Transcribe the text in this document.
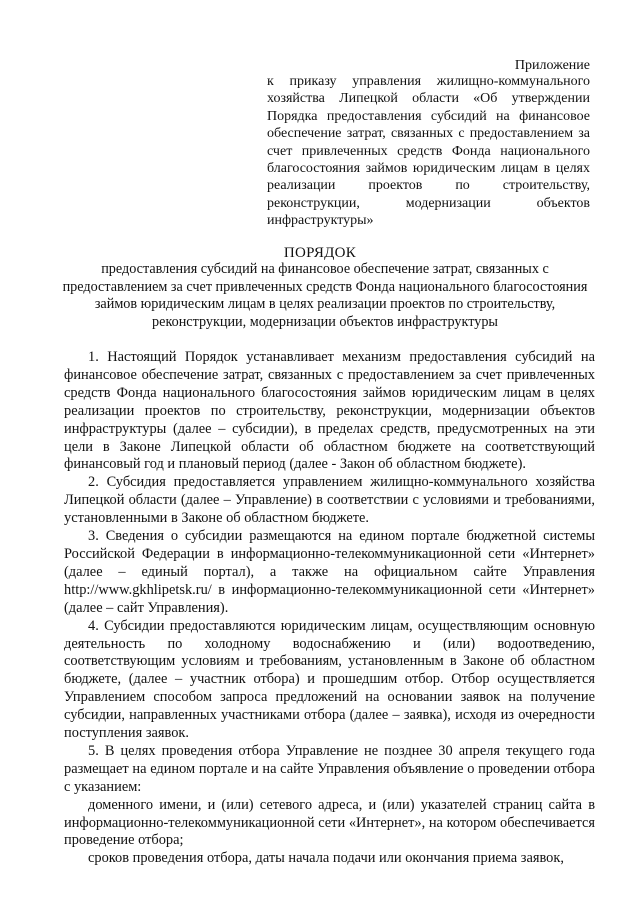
Приложение

к приказу управления жилищно-коммунального хозяйства Липецкой области «Об утверждении Порядка предоставления субсидий на финансовое обеспечение затрат, связанных с предоставлением за счет привлеченных средств Фонда национального благосостояния займов юридическим лицам в целях реализации проектов по строительству, реконструкции, модернизации объектов инфраструктуры»

ПОРЯДОК

предоставления субсидий на финансовое обеспечение затрат, связанных с предоставлением за счет привлеченных средств Фонда национального благосостояния займов юридическим лицам в целях реализации проектов по строительству, реконструкции, модернизации объектов инфраструктуры

1. Настоящий Порядок устанавливает механизм предоставления субсидий на финансовое обеспечение затрат, связанных с предоставлением за счет привлеченных средств Фонда национального благосостояния займов юридическим лицам в целях реализации проектов по строительству, реконструкции, модернизации объектов инфраструктуры (далее – субсидии), в пределах средств, предусмотренных на эти цели в Законе Липецкой области об областном бюджете на соответствующий финансовый год и плановый период (далее - Закон об областном бюджете).

2. Субсидия предоставляется управлением жилищно-коммунального хозяйства Липецкой области (далее – Управление) в соответствии с условиями и требованиями, установленными в Законе об областном бюджете.

3. Сведения о субсидии размещаются на едином портале бюджетной системы Российской Федерации в информационно-телекоммуникационной сети «Интернет» (далее – единый портал), а также на официальном сайте Управления http://www.gkhlipetsk.ru/ в информационно-телекоммуникационной сети «Интернет» (далее – сайт Управления).

4. Субсидии предоставляются юридическим лицам, осуществляющим основную деятельность по холодному водоснабжению и (или) водоотведению, соответствующим условиям и требованиям, установленным в Законе об областном бюджете, (далее – участник отбора) и прошедшим отбор. Отбор осуществляется Управлением способом запроса предложений на основании заявок на получение субсидии, направленных участниками отбора (далее – заявка), исходя из очередности поступления заявок.

5. В целях проведения отбора Управление не позднее 30 апреля текущего года размещает на едином портале и на сайте Управления объявление о проведении отбора с указанием:

доменного имени, и (или) сетевого адреса, и (или) указателей страниц сайта в информационно-телекоммуникационной сети «Интернет», на котором обеспечивается проведение отбора;

сроков проведения отбора, даты начала подачи или окончания приема заявок,
